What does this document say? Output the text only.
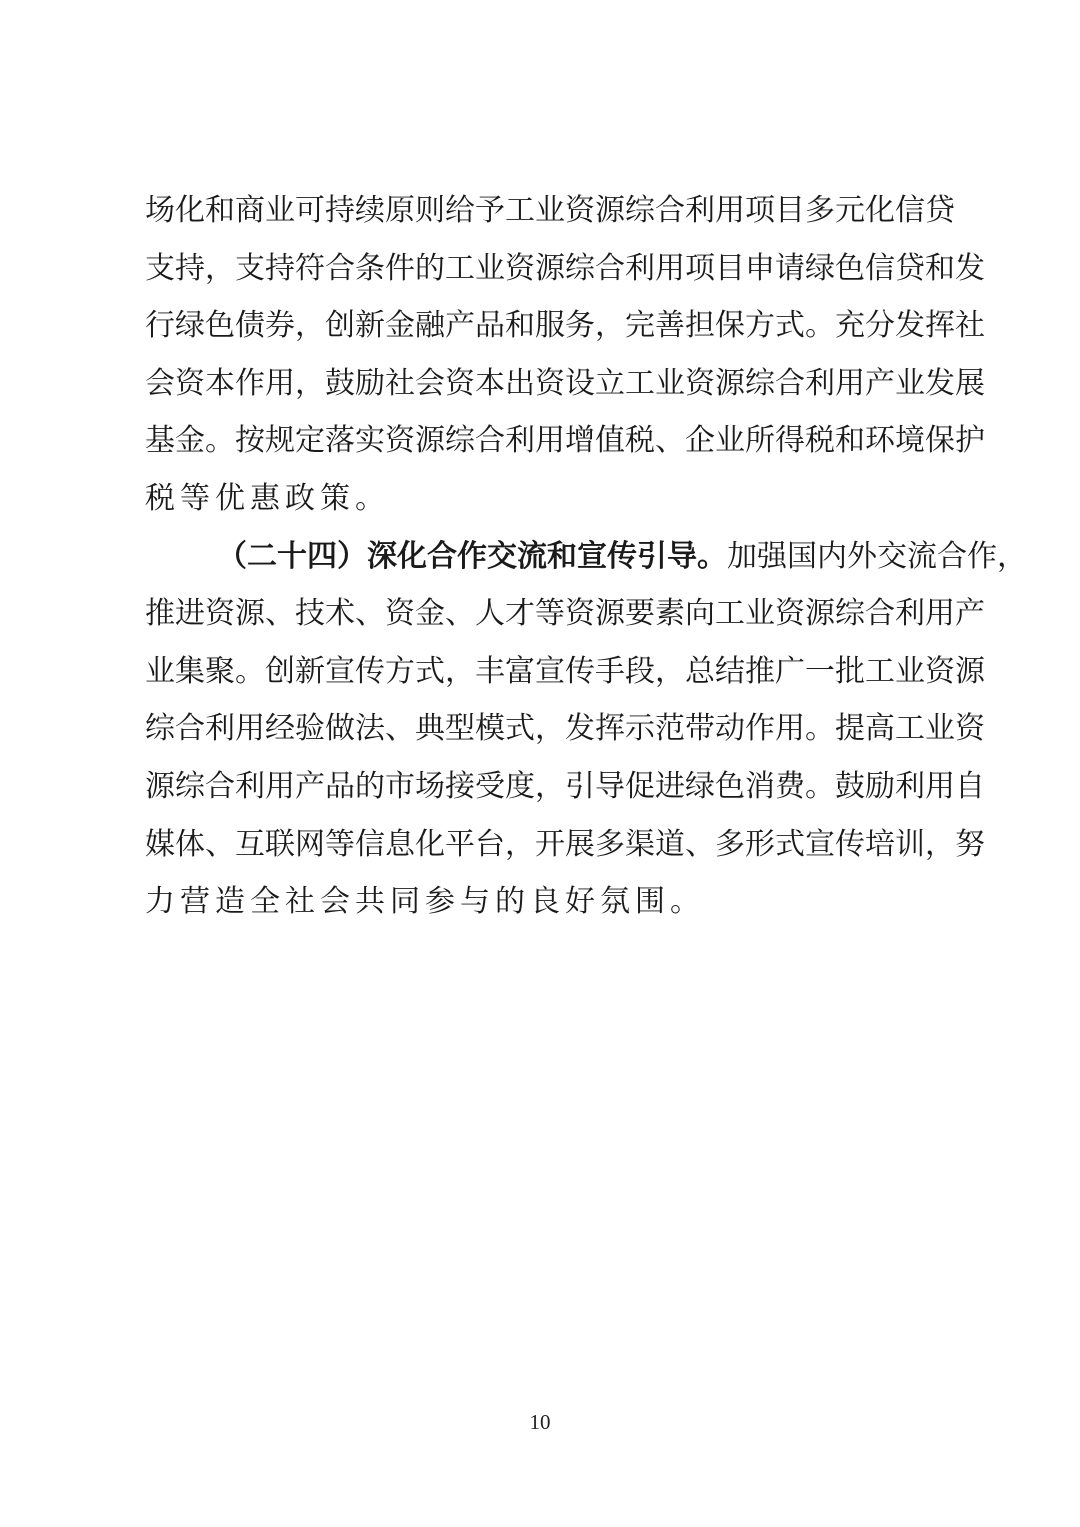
场化和商业可持续原则给予工业资源综合利用项目多元化信贷
支持，支持符合条件的工业资源综合利用项目申请绿色信贷和发
行绿色债券，创新金融产品和服务，完善担保方式。充分发挥社
会资本作用，鼓励社会资本出资设立工业资源综合利用产业发展
基金。按规定落实资源综合利用增值税、企业所得税和环境保护
税等优惠政策。
（二十四）深化合作交流和宣传引导。加强国内外交流合作，
推进资源、技术、资金、人才等资源要素向工业资源综合利用产
业集聚。创新宣传方式，丰富宣传手段，总结推广一批工业资源
综合利用经验做法、典型模式，发挥示范带动作用。提高工业资
源综合利用产品的市场接受度，引导促进绿色消费。鼓励利用自
媒体、互联网等信息化平台，开展多渠道、多形式宣传培训，努
力营造全社会共同参与的良好氛围。
10
